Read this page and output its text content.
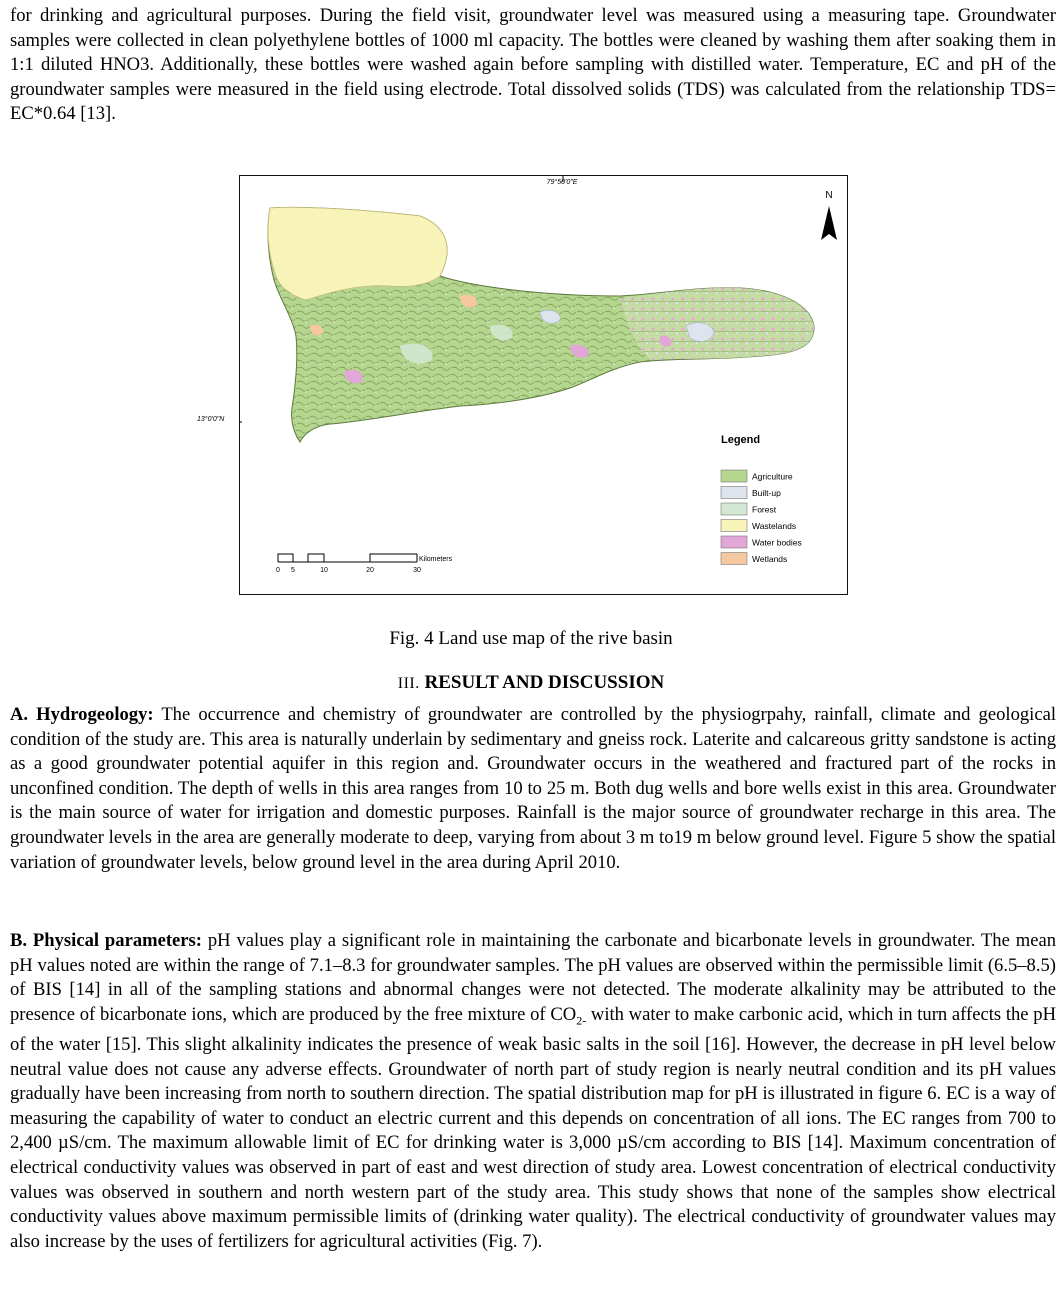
for drinking and agricultural purposes. During the field visit, groundwater level was measured using a measuring tape. Groundwater samples were collected in clean polyethylene bottles of 1000 ml capacity. The bottles were cleaned by washing them after soaking them in 1:1 diluted HNO3. Additionally, these bottles were washed again before sampling with distilled water. Temperature, EC and pH of the groundwater samples were measured in the field using electrode. Total dissolved solids (TDS) was calculated from the relationship TDS= EC*0.64 [13].

79°50'0"E
N
Legend
Agriculture
Built-up
Forest
Wastelands
Water bodies
Wetlands
Kilometers
0 5	10	20	30
13°0'0"N
Fig. 4 Land use map of the rive basin
III. RESULT AND DISCUSSION

A. Hydrogeology: The occurrence and chemistry of groundwater are controlled by the physiogrpahy, rainfall, climate and geological condition of the study are. This area is naturally underlain by sedimentary and gneiss rock. Laterite and calcareous gritty sandstone is acting as a good groundwater potential aquifer in this region and. Groundwater occurs in the weathered and fractured part of the rocks in unconfined condition. The depth of wells in this area ranges from 10 to 25 m. Both dug wells and bore wells exist in this area. Groundwater is the main source of water for irrigation and domestic purposes. Rainfall is the major source of groundwater recharge in this area. The groundwater levels in the area are generally moderate to deep, varying from about 3 m to19 m below ground level. Figure 5 show the spatial variation of groundwater levels, below ground level in the area during April 2010.

B. Physical parameters: pH values play a significant role in maintaining the carbonate and bicarbonate levels in groundwater. The mean pH values noted are within the range of 7.1–8.3 for groundwater samples. The pH values are observed within the permissible limit (6.5–8.5) of BIS [14] in all of the sampling stations and abnormal changes were not detected. The moderate alkalinity may be attributed to the presence of bicarbonate ions, which are produced by the free mixture of $CO_{2-}$ with water to make carbonic acid, which in turn affects the pH of the water [15]. This slight alkalinity indicates the presence of weak basic salts in the soil [16]. However, the decrease in pH level below neutral value does not cause any adverse effects. Groundwater of north part of study region is nearly neutral condition and its pH values gradually have been increasing from north to southern direction. The spatial distribution map for pH is illustrated in figure 6. EC is a way of measuring the capability of water to conduct an electric current and this depends on concentration of all ions. The EC ranges from 700 to 2,400 µS/cm. The maximum allowable limit of EC for drinking water is 3,000 µS/cm according to BIS [14]. Maximum concentration of electrical conductivity values was observed in part of east and west direction of study area. Lowest concentration of electrical conductivity values was observed in southern and north western part of the study area. This study shows that none of the samples show electrical conductivity values above maximum permissible limits of (drinking water quality). The electrical conductivity of groundwater values may also increase by the uses of fertilizers for agricultural activities (Fig. 7).
